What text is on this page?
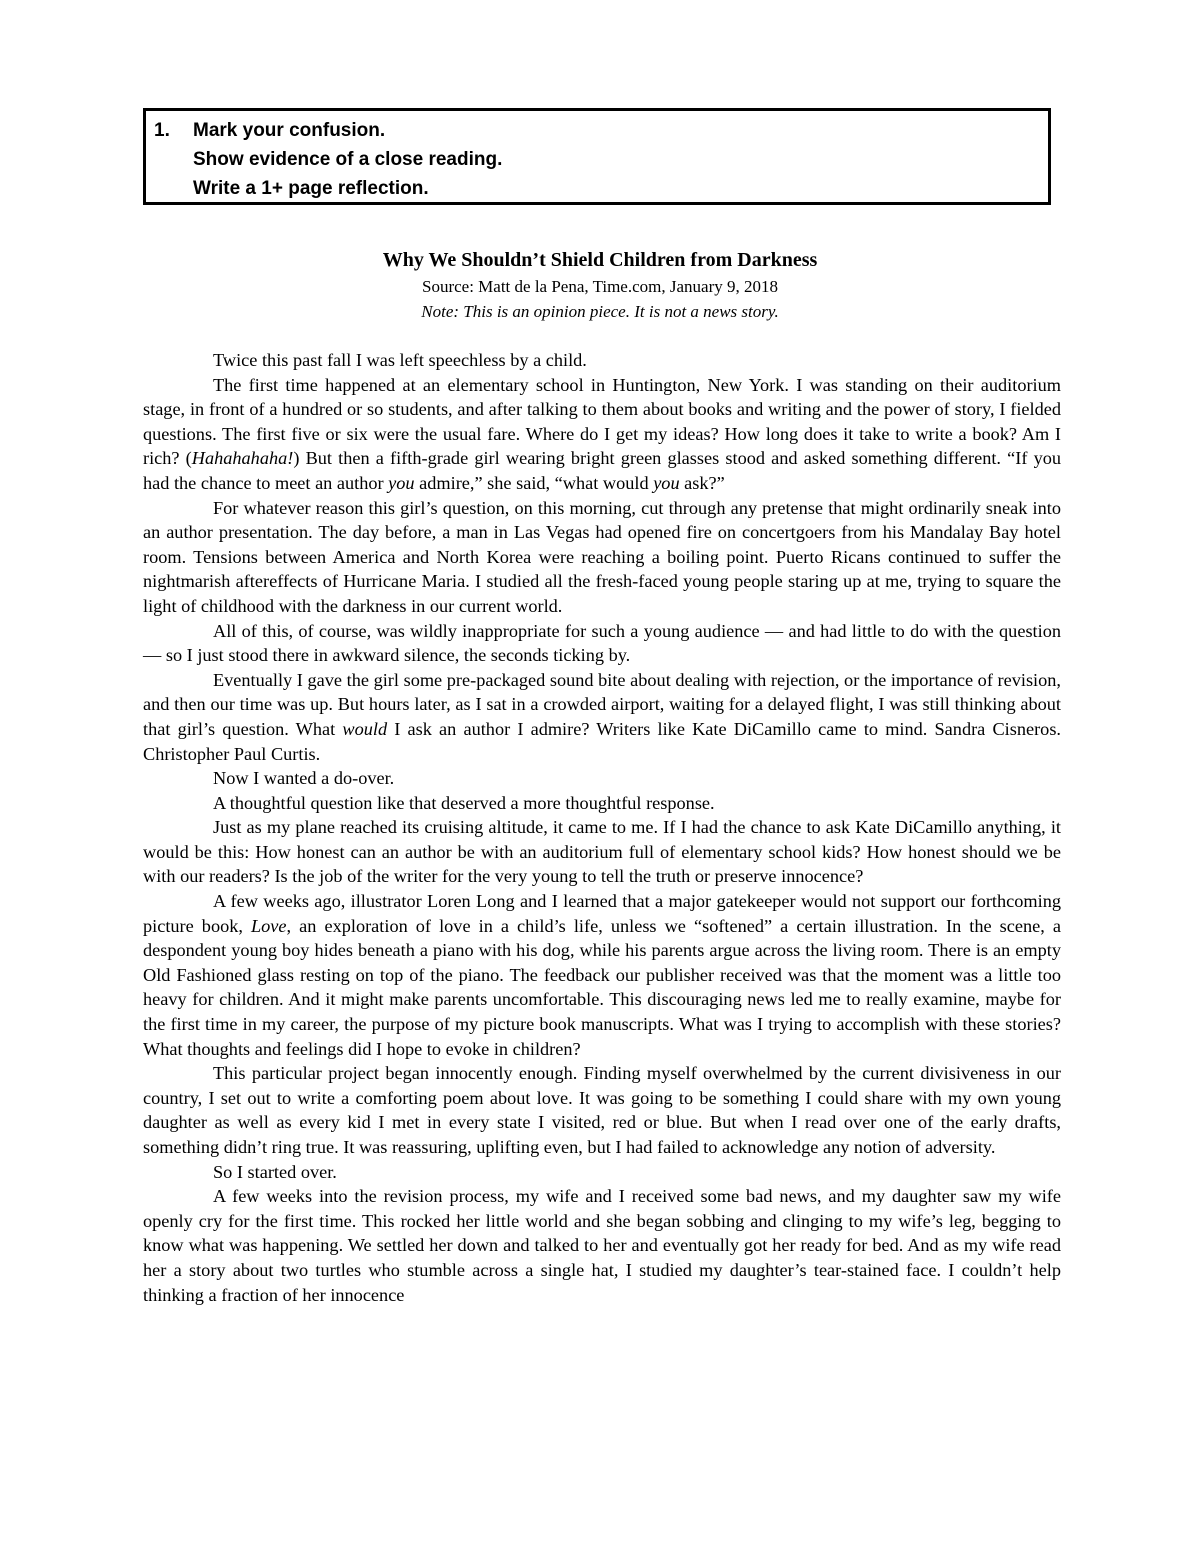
1. Mark your confusion.
Show evidence of a close reading.
Write a 1+ page reflection.

Why We Shouldn’t Shield Children from Darkness

Source: Matt de la Pena, Time.com, January 9, 2018

Note: This is an opinion piece. It is not a news story.

Twice this past fall I was left speechless by a child.

The first time happened at an elementary school in Huntington, New York. I was standing on their auditorium stage, in front of a hundred or so students, and after talking to them about books and writing and the power of story, I fielded questions. The first five or six were the usual fare. Where do I get my ideas? How long does it take to write a book? Am I rich? (Hahahahaha!) But then a fifth-grade girl wearing bright green glasses stood and asked something different. “If you had the chance to meet an author you admire,” she said, “what would you ask?”

For whatever reason this girl’s question, on this morning, cut through any pretense that might ordinarily sneak into an author presentation. The day before, a man in Las Vegas had opened fire on concertgoers from his Mandalay Bay hotel room. Tensions between America and North Korea were reaching a boiling point. Puerto Ricans continued to suffer the nightmarish aftereffects of Hurricane Maria. I studied all the fresh-faced young people staring up at me, trying to square the light of childhood with the darkness in our current world.

All of this, of course, was wildly inappropriate for such a young audience — and had little to do with the question — so I just stood there in awkward silence, the seconds ticking by.

Eventually I gave the girl some pre-packaged sound bite about dealing with rejection, or the importance of revision, and then our time was up. But hours later, as I sat in a crowded airport, waiting for a delayed flight, I was still thinking about that girl’s question. What would I ask an author I admire? Writers like Kate DiCamillo came to mind. Sandra Cisneros. Christopher Paul Curtis.

Now I wanted a do-over.

A thoughtful question like that deserved a more thoughtful response.

Just as my plane reached its cruising altitude, it came to me. If I had the chance to ask Kate DiCamillo anything, it would be this: How honest can an author be with an auditorium full of elementary school kids? How honest should we be with our readers? Is the job of the writer for the very young to tell the truth or preserve innocence?

A few weeks ago, illustrator Loren Long and I learned that a major gatekeeper would not support our forthcoming picture book, Love, an exploration of love in a child’s life, unless we “softened” a certain illustration. In the scene, a despondent young boy hides beneath a piano with his dog, while his parents argue across the living room. There is an empty Old Fashioned glass resting on top of the piano. The feedback our publisher received was that the moment was a little too heavy for children. And it might make parents uncomfortable. This discouraging news led me to really examine, maybe for the first time in my career, the purpose of my picture book manuscripts. What was I trying to accomplish with these stories? What thoughts and feelings did I hope to evoke in children?

This particular project began innocently enough. Finding myself overwhelmed by the current divisiveness in our country, I set out to write a comforting poem about love. It was going to be something I could share with my own young daughter as well as every kid I met in every state I visited, red or blue. But when I read over one of the early drafts, something didn’t ring true. It was reassuring, uplifting even, but I had failed to acknowledge any notion of adversity.

So I started over.

A few weeks into the revision process, my wife and I received some bad news, and my daughter saw my wife openly cry for the first time. This rocked her little world and she began sobbing and clinging to my wife’s leg, begging to know what was happening. We settled her down and talked to her and eventually got her ready for bed. And as my wife read her a story about two turtles who stumble across a single hat, I studied my daughter’s tear-stained face. I couldn’t help thinking a fraction of her innocence
